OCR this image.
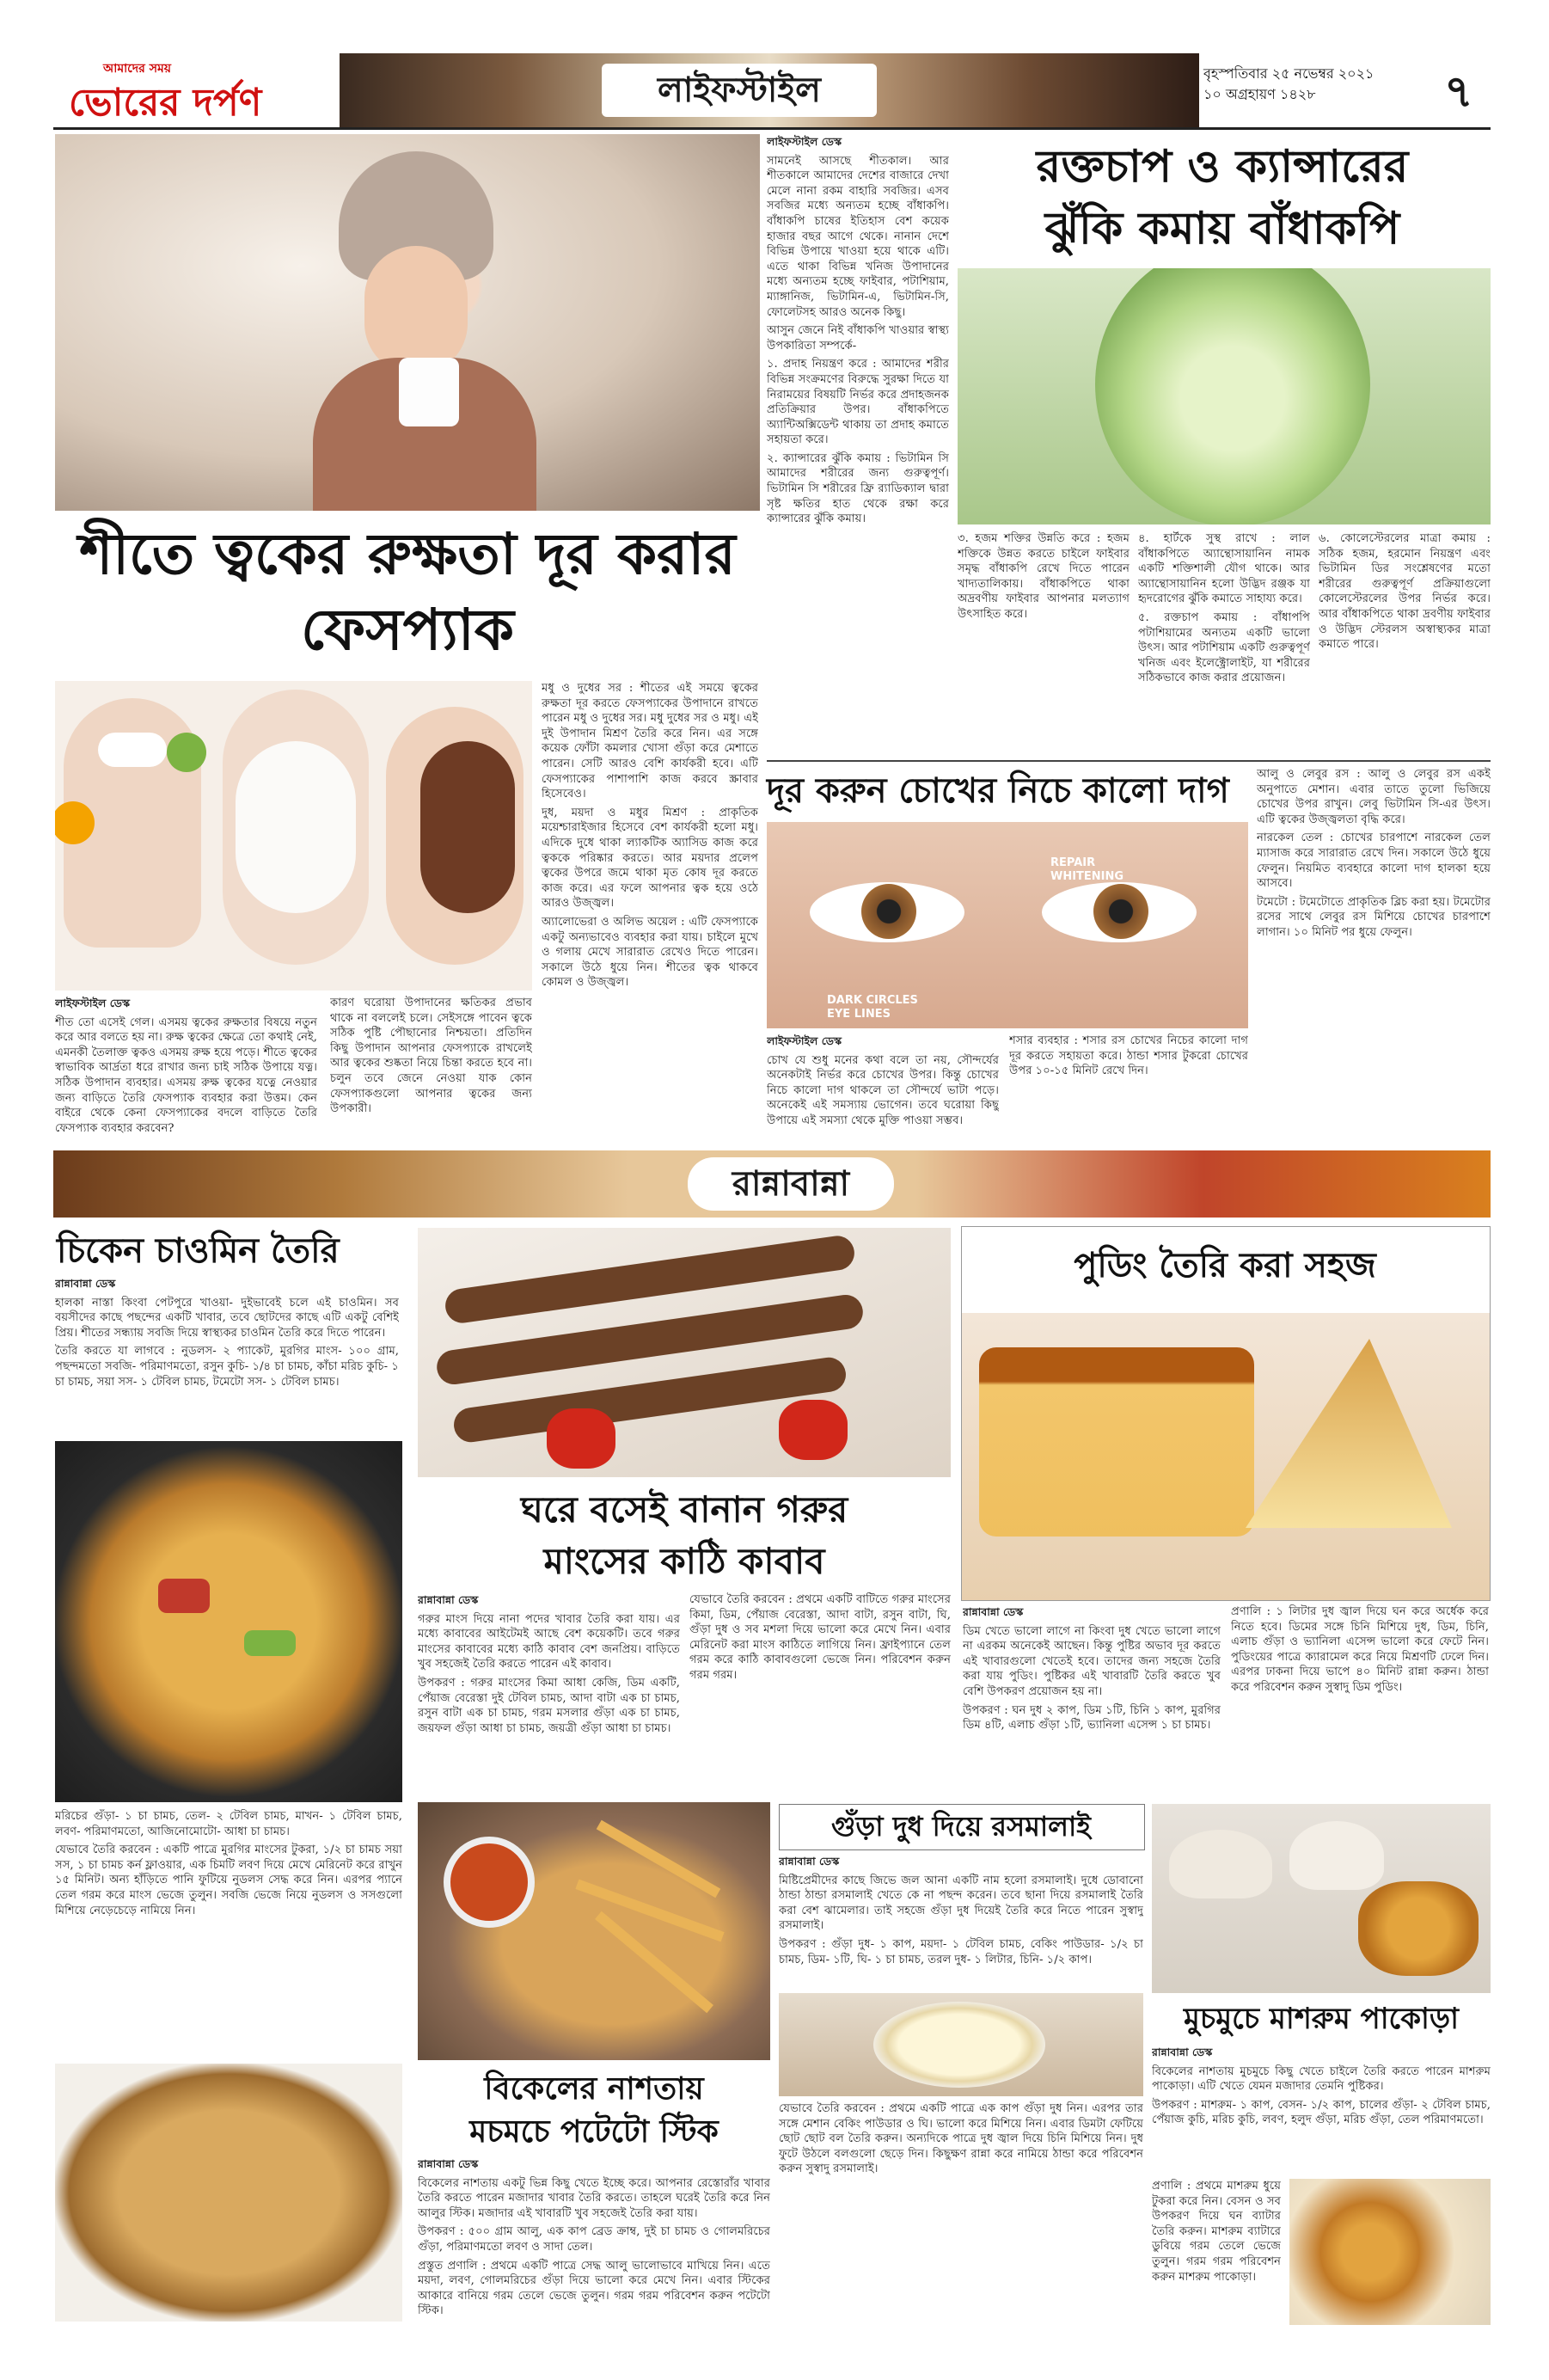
আমাদের সময়
ভোরের দর্পণ	লাইফস্টাইল	বৃহস্পতিবার ২৫ নভেম্বর ২০২১
১০ অগ্রহায়ণ ১৪২৮	৭
শীতে ত্বকের রুক্ষতা দূর করার ফেসপ্যাক

লাইফস্টাইল ডেস্ক

শীত তো এসেই গেল। এসময় ত্বকের রুক্ষতার বিষয়ে নতুন করে আর বলতে হয় না। রুক্ষ ত্বকের ক্ষেত্রে তো কথাই নেই, এমনকী তৈলাক্ত ত্বকও এসময় রুক্ষ হয়ে পড়ে। শীতে ত্বকের স্বাভাবিক আর্দ্রতা ধরে রাখার জন্য চাই সঠিক উপায়ে যত্ন। সঠিক উপাদান ব্যবহার। এসময় রুক্ষ ত্বকের যত্নে নেওয়ার জন্য বাড়িতে তৈরি ফেসপ্যাক ব্যবহার করা উত্তম। কেন বাইরে থেকে কেনা ফেসপ্যাকের বদলে বাড়িতে তৈরি ফেসপ্যাক ব্যবহার করবেন?

কারণ ঘরোয়া উপাদানের ক্ষতিকর প্রভাব থাকে না বললেই চলে। সেইসঙ্গে পাবেন ত্বকে সঠিক পুষ্টি পৌছানোর নিশ্চয়তা। প্রতিদিন কিছু উপাদান আপনার ফেসপ্যাকে রাখলেই আর ত্বকের শুষ্কতা নিয়ে চিন্তা করতে হবে না। চলুন তবে জেনে নেওয়া যাক কোন ফেসপ্যাকগুলো আপনার ত্বকের জন্য উপকারী।

মধু ও দুধের সর : শীতের এই সময়ে ত্বকের রুক্ষতা দূর করতে ফেসপ্যাকের উপাদানে রাখতে পারেন মধু ও দুধের সর। মধু দুধের সর ও মধু। এই দুই উপাদান মিশ্রণ তৈরি করে নিন। এর সঙ্গে কয়েক ফোঁটা কমলার খোসা গুঁড়া করে মেশাতে পারেন। সেটি আরও বেশি কার্যকরী হবে। এটি ফেসপ্যাকের পাশাপাশি কাজ করবে স্ক্রাবার হিসেবেও।

দুধ, ময়দা ও মধুর মিশ্রণ : প্রাকৃতিক ময়েশ্চারাইজার হিসেবে বেশ কার্যকরী হলো মধু। এদিকে দুধে থাকা ল্যাকটিক অ্যাসিড কাজ করে ত্বককে পরিষ্কার করতে। আর ময়দার প্রলেপ ত্বকের উপরে জমে থাকা মৃত কোষ দূর করতে কাজ করে। এর ফলে আপনার ত্বক হয়ে ওঠে আরও উজ্জ্বল।

অ্যালোভেরা ও অলিভ অয়েল : এটি ফেসপ্যাকে একটু অন্যভাবেও ব্যবহার করা যায়। চাইলে মুখে ও গলায় মেখে সারারাত রেখেও দিতে পারেন। সকালে উঠে ধুয়ে নিন। শীতের ত্বক থাকবে কোমল ও উজ্জ্বল।

লাইফস্টাইল ডেস্ক

সামনেই আসছে শীতকাল। আর শীতকালে আমাদের দেশের বাজারে দেখা মেলে নানা রকম বাহারি সবজির। এসব সবজির মধ্যে অন্যতম হচ্ছে বাঁধাকপি। বাঁধাকপি চাষের ইতিহাস বেশ কয়েক হাজার বছর আগে থেকে। নানান দেশে বিভিন্ন উপায়ে খাওয়া হয়ে থাকে এটি। এতে থাকা বিভিন্ন খনিজ উপাদানের মধ্যে অন্যতম হচ্ছে ফাইবার, পটাশিয়াম, ম্যাঙ্গানিজ, ভিটামিন-এ, ভিটামিন-সি, ফোলেটসহ আরও অনেক কিছু।

আসুন জেনে নিই বাঁধাকপি খাওয়ার স্বাস্থ্য উপকারিতা সম্পর্কে-

১. প্রদাহ নিয়ন্ত্রণ করে : আমাদের শরীর বিভিন্ন সংক্রমণের বিরুদ্ধে সুরক্ষা দিতে যা নিরাময়ের বিষয়টি নির্ভর করে প্রদাহজনক প্রতিক্রিয়ার উপর। বাঁধাকপিতে অ্যান্টিঅক্সিডেন্ট থাকায় তা প্রদাহ কমাতে সহায়তা করে।

২. ক্যান্সারের ঝুঁকি কমায় : ভিটামিন সি আমাদের শরীরের জন্য গুরুত্বপূর্ণ। ভিটামিন সি শরীরের ফ্রি র‌্যাডিক্যাল দ্বারা সৃষ্ট ক্ষতির হাত থেকে রক্ষা করে ক্যান্সারের ঝুঁকি কমায়।

রক্তচাপ ও ক্যান্সারের
ঝুঁকি কমায় বাঁধাকপি

৩. হজম শক্তির উন্নতি করে : হজম শক্তিকে উন্নত করতে চাইলে ফাইবার সমৃদ্ধ বাঁধাকপি রেখে দিতে পারেন খাদ্যতালিকায়। বাঁধাকপিতে থাকা অদ্রবণীয় ফাইবার আপনার মলত্যাগ উৎসাহিত করে।

৪. হার্টকে সুস্থ রাখে : লাল বাঁধাকপিতে অ্যান্থোসায়ানিন নামক একটি শক্তিশালী যৌগ থাকে। আর অ্যান্থোসায়ানিন হলো উদ্ভিদ রঞ্জক যা হৃদরোগের ঝুঁকি কমাতে সাহায্য করে।

৫. রক্তচাপ কমায় : বাঁধাপপি পটাশিয়ামের অন্যতম একটি ভালো উৎস। আর পটাশিয়াম একটি গুরুত্বপূর্ণ খনিজ এবং ইলেক্ট্রোলাইট, যা শরীরের সঠিকভাবে কাজ করার প্রয়োজন।

৬. কোলেস্টেরলের মাত্রা কমায় : সঠিক হজম, হরমোন নিয়ন্ত্রণ এবং ভিটামিন ডির সংশ্লেষণের মতো শরীরের গুরুত্বপূর্ণ প্রক্রিয়াগুলো কোলেস্টেরলের উপর নির্ভর করে। আর বাঁধাকপিতে থাকা দ্রবণীয় ফাইবার ও উদ্ভিদ স্টেরলস অস্বাস্থ্যকর মাত্রা কমাতে পারে।

দূর করুন চোখের নিচে কালো দাগ
REPAIR
WHITENING
DARK CIRCLES
EYE LINES

লাইফস্টাইল ডেস্ক

চোখ যে শুধু মনের কথা বলে তা নয়, সৌন্দর্যের অনেকটাই নির্ভর করে চোখের উপর। কিন্তু চোখের নিচে কালো দাগ থাকলে তা সৌন্দর্যে ভাটা পড়ে। অনেকেই এই সমস্যায় ভোগেন। তবে ঘরোয়া কিছু উপায়ে এই সমস্যা থেকে মুক্তি পাওয়া সম্ভব।

শসার ব্যবহার : শসার রস চোখের নিচের কালো দাগ দূর করতে সহায়তা করে। ঠান্ডা শসার টুকরো চোখের উপর ১০-১৫ মিনিট রেখে দিন।

আলু ও লেবুর রস : আলু ও লেবুর রস একই অনুপাতে মেশান। এবার তাতে তুলো ভিজিয়ে চোখের উপর রাখুন। লেবু ভিটামিন সি-এর উৎস। এটি ত্বকের উজ্জ্বলতা বৃদ্ধি করে।

নারকেল তেল : চোখের চারপাশে নারকেল তেল ম্যাসাজ করে সারারাত রেখে দিন। সকালে উঠে ধুয়ে ফেলুন। নিয়মিত ব্যবহারে কালো দাগ হালকা হয়ে আসবে।

টমেটো : টমেটোতে প্রাকৃতিক ব্লিচ করা হয়। টমেটোর রসের সাথে লেবুর রস মিশিয়ে চোখের চারপাশে লাগান। ১০ মিনিট পর ধুয়ে ফেলুন।

রান্নাবান্না
চিকেন চাওমিন তৈরি

রান্নাবান্না ডেস্ক

হালকা নাস্তা কিংবা পেটপুরে খাওয়া- দুইভাবেই চলে এই চাওমিন। সব বয়সীদের কাছে পছন্দের একটি খাবার, তবে ছোটদের কাছে এটি একটু বেশিই প্রিয়। শীতের সন্ধ্যায় সবজি দিয়ে স্বাস্থ্যকর চাওমিন তৈরি করে দিতে পারেন।

তৈরি করতে যা লাগবে : নুডলস- ২ প্যাকেট, মুরগির মাংস- ১০০ গ্রাম, পছন্দমতো সবজি- পরিমাণমতো, রসুন কুচি- ১/৪ চা চামচ, কাঁচা মরিচ কুচি- ১ চা চামচ, সয়া সস- ১ টেবিল চামচ, টমেটো সস- ১ টেবিল চামচ।

মরিচের গুঁড়া- ১ চা চামচ, তেল- ২ টেবিল চামচ, মাখন- ১ টেবিল চামচ, লবণ- পরিমাণমতো, আজিনোমোটো- আধা চা চামচ।

যেভাবে তৈরি করবেন : একটি পাত্রে মুরগির মাংসের টুকরা, ১/২ চা চামচ সয়া সস, ১ চা চামচ কর্ন ফ্লাওয়ার, এক চিমটি লবণ দিয়ে মেখে মেরিনেট করে রাখুন ১৫ মিনিট। অন্য হাঁড়িতে পানি ফুটিয়ে নুডলস সেদ্ধ করে নিন। এরপর প্যানে তেল গরম করে মাংস ভেজে তুলুন। সবজি ভেজে নিয়ে নুডলস ও সসগুলো মিশিয়ে নেড়েচেড়ে নামিয়ে নিন।

ঘরে বসেই বানান গরুর
মাংসের কাঠি কাবাব

রান্নাবান্না ডেস্ক

গরুর মাংস দিয়ে নানা পদের খাবার তৈরি করা যায়। এর মধ্যে কাবাবের আইটেমই আছে বেশ কয়েকটি। তবে গরুর মাংসের কাবাবের মধ্যে কাঠি কাবাব বেশ জনপ্রিয়। বাড়িতে খুব সহজেই তৈরি করতে পারেন এই কাবাব।

উপকরণ : গরুর মাংসের কিমা আধা কেজি, ডিম একটি, পেঁয়াজ বেরেস্তা দুই টেবিল চামচ, আদা বাটা এক চা চামচ, রসুন বাটা এক চা চামচ, গরম মসলার গুঁড়া এক চা চামচ, জয়ফল গুঁড়া আধা চা চামচ, জয়ত্রী গুঁড়া আধা চা চামচ।

যেভাবে তৈরি করবেন : প্রথমে একটি বাটিতে গরুর মাংসের কিমা, ডিম, পেঁয়াজ বেরেস্তা, আদা বাটা, রসুন বাটা, ঘি, গুঁড়া দুধ ও সব মশলা দিয়ে ভালো করে মেখে নিন। এবার মেরিনেট করা মাংস কাঠিতে লাগিয়ে নিন। ফ্রাইপ্যানে তেল গরম করে কাঠি কাবাবগুলো ভেজে নিন। পরিবেশন করুন গরম গরম।

পুডিং তৈরি করা সহজ

রান্নাবান্না ডেস্ক

ডিম খেতে ভালো লাগে না কিংবা দুধ খেতে ভালো লাগে না এরকম অনেকেই আছেন। কিন্তু পুষ্টির অভাব দূর করতে এই খাবারগুলো খেতেই হবে। তাদের জন্য সহজে তৈরি করা যায় পুডিং। পুষ্টিকর এই খাবারটি তৈরি করতে খুব বেশি উপকরণ প্রয়োজন হয় না।

উপকরণ : ঘন দুধ ২ কাপ, ডিম ১টি, চিনি ১ কাপ, মুরগির ডিম ৪টি, এলাচ গুঁড়া ১টি, ভ্যানিলা এসেন্স ১ চা চামচ।

প্রণালি : ১ লিটার দুধ জ্বাল দিয়ে ঘন করে অর্ধেক করে নিতে হবে। ডিমের সঙ্গে চিনি মিশিয়ে দুধ, ডিম, চিনি, এলাচ গুঁড়া ও ভ্যানিলা এসেন্স ভালো করে ফেটে নিন। পুডিংয়ের পাত্রে ক্যারামেল করে নিয়ে মিশ্রণটি ঢেলে দিন। এরপর ঢাকনা দিয়ে ভাপে ৪০ মিনিট রান্না করুন। ঠান্ডা করে পরিবেশন করুন সুস্বাদু ডিম পুডিং।

বিকেলের নাশতায়
মচমচে পটেটো স্টিক

রান্নাবান্না ডেস্ক

বিকেলের নাশতায় একটু ভিন্ন কিছু খেতে ইচ্ছে করে। আপনার রেস্তোরাঁর খাবার তৈরি করতে পারেন মজাদার খাবার তৈরি করতে। তাহলে ঘরেই তৈরি করে নিন আলুর স্টিক। মজাদার এই খাবারটি খুব সহজেই তৈরি করা যায়।

উপকরণ : ৫০০ গ্রাম আলু, এক কাপ ব্রেড ক্রাম্ব, দুই চা চামচ ও গোলমরিচের গুঁড়া, পরিমাণমতো লবণ ও সাদা তেল।

প্রস্তুত প্রণালি : প্রথমে একটি পাত্রে সেদ্ধ আলু ভালোভাবে মাখিয়ে নিন। এতে ময়দা, লবণ, গোলমরিচের গুঁড়া দিয়ে ভালো করে মেখে নিন। এবার স্টিকের আকারে বানিয়ে গরম তেলে ভেজে তুলুন। গরম গরম পরিবেশন করুন পটেটো স্টিক।

গুঁড়া দুধ দিয়ে রসমালাই

রান্নাবান্না ডেস্ক

মিষ্টিপ্রেমীদের কাছে জিভে জল আনা একটি নাম হলো রসমালাই। দুধে ডোবানো ঠান্ডা ঠান্ডা রসমালাই খেতে কে না পছন্দ করেন। তবে ছানা দিয়ে রসমালাই তৈরি করা বেশ ঝামেলার। তাই সহজে গুঁড়া দুধ দিয়েই তৈরি করে নিতে পারেন সুস্বাদু রসমালাই।

উপকরণ : গুঁড়া দুধ- ১ কাপ, ময়দা- ১ টেবিল চামচ, বেকিং পাউডার- ১/২ চা চামচ, ডিম- ১টি, ঘি- ১ চা চামচ, তরল দুধ- ১ লিটার, চিনি- ১/২ কাপ।

যেভাবে তৈরি করবেন : প্রথমে একটি পাত্রে এক কাপ গুঁড়া দুধ নিন। এরপর তার সঙ্গে মেশান বেকিং পাউডার ও ঘি। ভালো করে মিশিয়ে নিন। এবার ডিমটা ফেটিয়ে ছোট ছোট বল তৈরি করুন। অন্যদিকে পাত্রে দুধ জ্বাল দিয়ে চিনি মিশিয়ে নিন। দুধ ফুটে উঠলে বলগুলো ছেড়ে দিন। কিছুক্ষণ রান্না করে নামিয়ে ঠান্ডা করে পরিবেশন করুন সুস্বাদু রসমালাই।

মুচমুচে মাশরুম পাকোড়া

রান্নাবান্না ডেস্ক

বিকেলের নাশতায় মুচমুচে কিছু খেতে চাইলে তৈরি করতে পারেন মাশরুম পাকোড়া। এটি খেতে যেমন মজাদার তেমনি পুষ্টিকর।

উপকরণ : মাশরুম- ১ কাপ, বেসন- ১/২ কাপ, চালের গুঁড়া- ২ টেবিল চামচ, পেঁয়াজ কুচি, মরিচ কুচি, লবণ, হলুদ গুঁড়া, মরিচ গুঁড়া, তেল পরিমাণমতো।

প্রণালি : প্রথমে মাশরুম ধুয়ে টুকরা করে নিন। বেসন ও সব উপকরণ দিয়ে ঘন ব্যাটার তৈরি করুন। মাশরুম ব্যাটারে ডুবিয়ে গরম তেলে ভেজে তুলুন। গরম গরম পরিবেশন করুন মাশরুম পাকোড়া।
